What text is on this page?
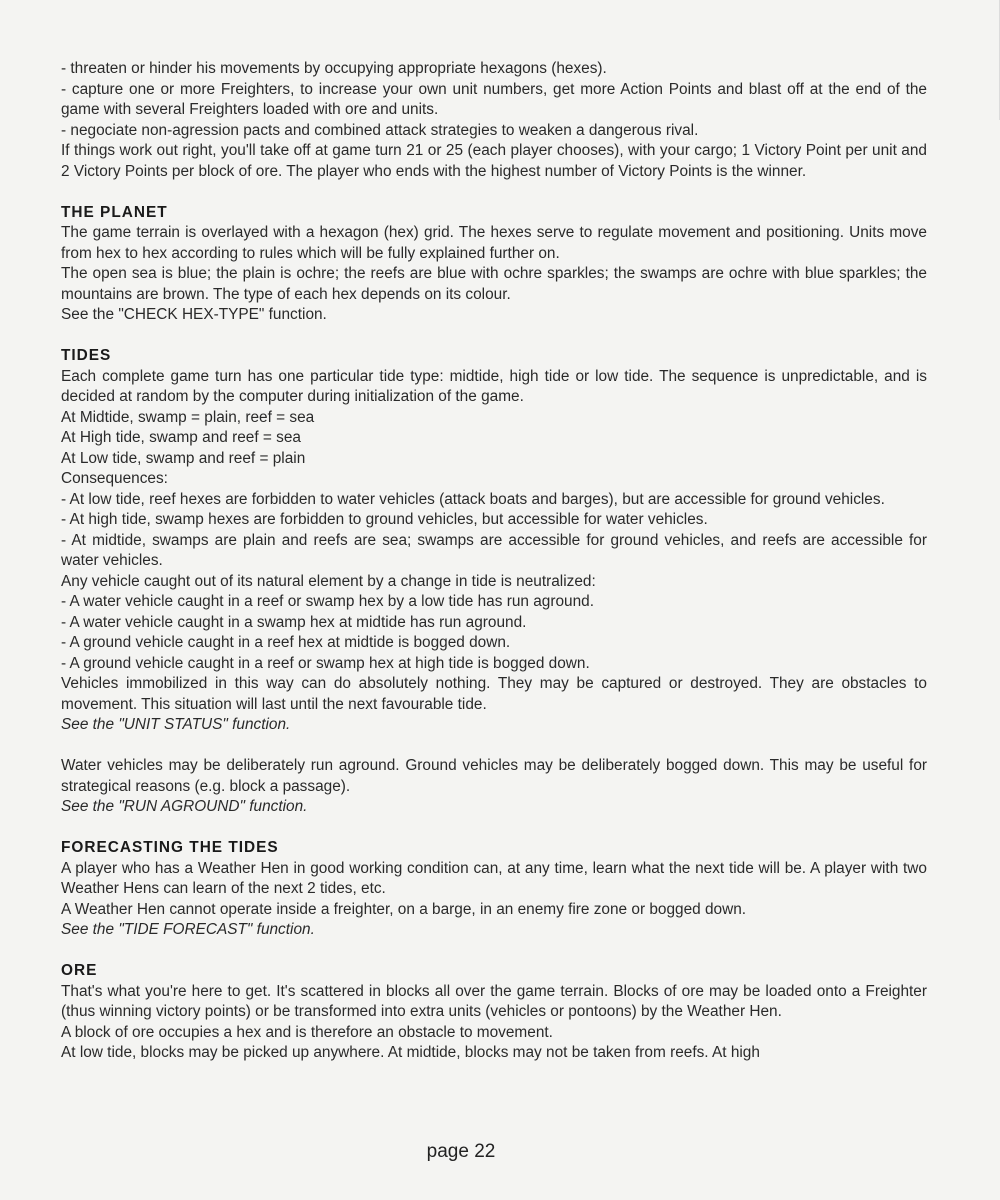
- threaten or hinder his movements by occupying appropriate hexagons (hexes).

- capture one or more Freighters, to increase your own unit numbers, get more Action Points and blast off at the end of the game with several Freighters loaded with ore and units.

- negociate non-agression pacts and combined attack strategies to weaken a dangerous rival.

If things work out right, you'll take off at game turn 21 or 25 (each player chooses), with your cargo; 1 Victory Point per unit and 2 Victory Points per block of ore. The player who ends with the highest number of Victory Points is the winner.

THE PLANET

The game terrain is overlayed with a hexagon (hex) grid. The hexes serve to regulate movement and positioning. Units move from hex to hex according to rules which will be fully explained further on.

The open sea is blue; the plain is ochre; the reefs are blue with ochre sparkles; the swamps are ochre with blue sparkles; the mountains are brown. The type of each hex depends on its colour.

See the "CHECK HEX-TYPE" function.

TIDES

Each complete game turn has one particular tide type: midtide, high tide or low tide. The sequence is unpredictable, and is decided at random by the computer during initialization of the game.

At Midtide, swamp = plain, reef = sea

At High tide, swamp and reef = sea

At Low tide, swamp and reef = plain

Consequences:

- At low tide, reef hexes are forbidden to water vehicles (attack boats and barges), but are accessible for ground vehicles.

- At high tide, swamp hexes are forbidden to ground vehicles, but accessible for water vehicles.

- At midtide, swamps are plain and reefs are sea; swamps are accessible for ground vehicles, and reefs are accessible for water vehicles.

Any vehicle caught out of its natural element by a change in tide is neutralized:

- A water vehicle caught in a reef or swamp hex by a low tide has run aground.

- A water vehicle caught in a swamp hex at midtide has run aground.

- A ground vehicle caught in a reef hex at midtide is bogged down.

- A ground vehicle caught in a reef or swamp hex at high tide is bogged down.

Vehicles immobilized in this way can do absolutely nothing. They may be captured or destroyed. They are obstacles to movement. This situation will last until the next favourable tide.

See the "UNIT STATUS" function.

Water vehicles may be deliberately run aground. Ground vehicles may be deliberately bogged down. This may be useful for strategical reasons (e.g. block a passage).

See the "RUN AGROUND" function.

FORECASTING THE TIDES

A player who has a Weather Hen in good working condition can, at any time, learn what the next tide will be. A player with two Weather Hens can learn of the next 2 tides, etc.

A Weather Hen cannot operate inside a freighter, on a barge, in an enemy fire zone or bogged down.

See the "TIDE FORECAST" function.

ORE

That's what you're here to get. It's scattered in blocks all over the game terrain. Blocks of ore may be loaded onto a Freighter (thus winning victory points) or be transformed into extra units (vehicles or pontoons) by the Weather Hen.

A block of ore occupies a hex and is therefore an obstacle to movement.

At low tide, blocks may be picked up anywhere. At midtide, blocks may not be taken from reefs. At high

page 22
